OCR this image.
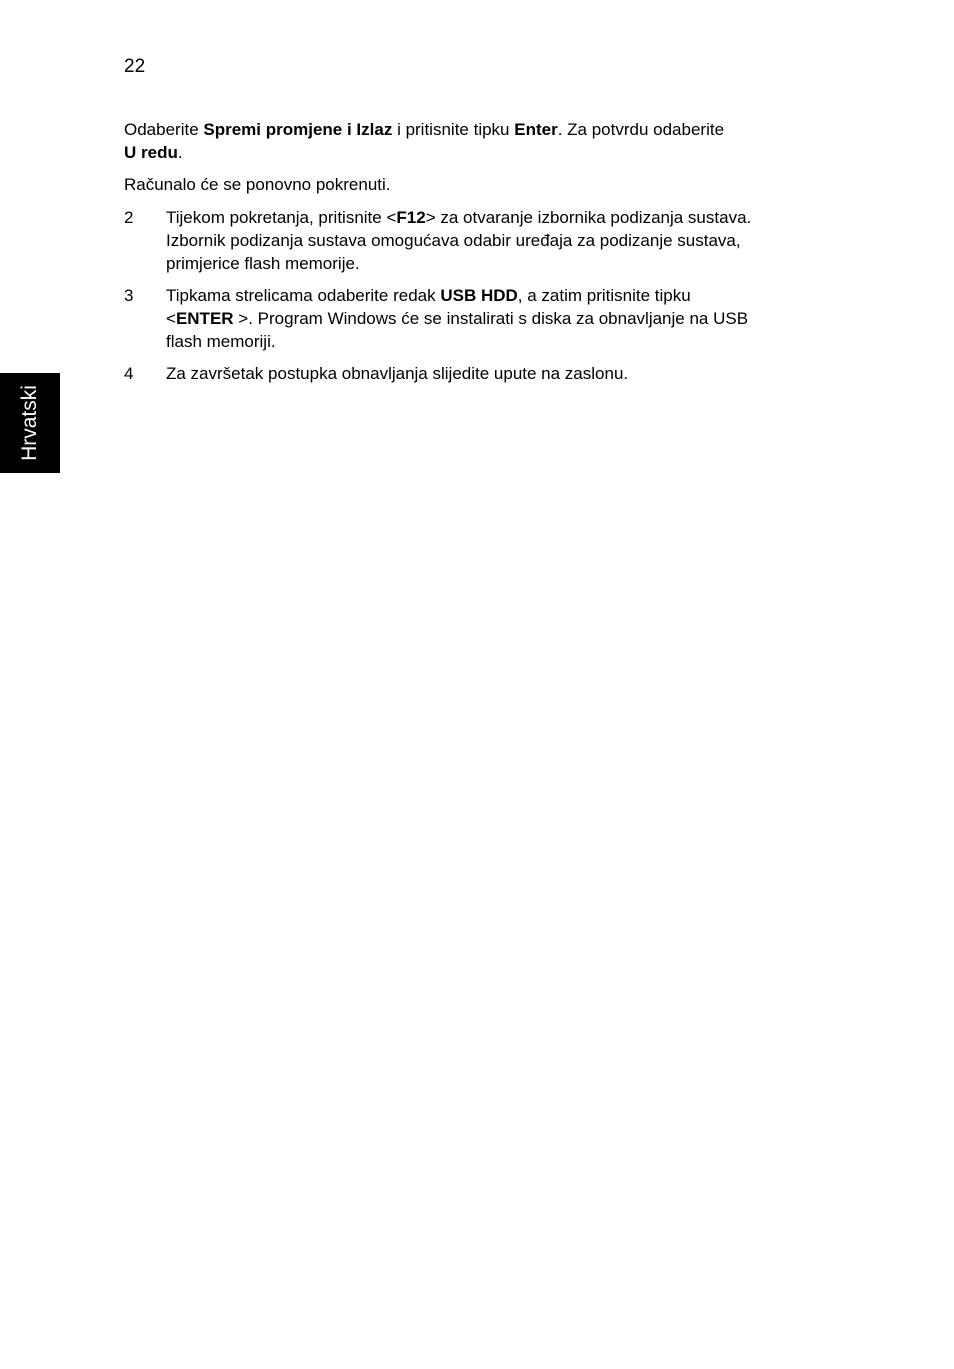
22
Hrvatski

Odaberite Spremi promjene i Izlaz i pritisnite tipku Enter. Za potvrdu odaberite
U redu.

Računalo će se ponovno pokrenuti.

2 Tijekom pokretanja, pritisnite <F12> za otvaranje izbornika podizanja sustava.
Izbornik podizanja sustava omogućava odabir uređaja za podizanje sustava,
primjerice flash memorije.
3 Tipkama strelicama odaberite redak USB HDD, a zatim pritisnite tipku
<ENTER >. Program Windows će se instalirati s diska za obnavljanje na USB
flash memoriji.
4 Za završetak postupka obnavljanja slijedite upute na zaslonu.
